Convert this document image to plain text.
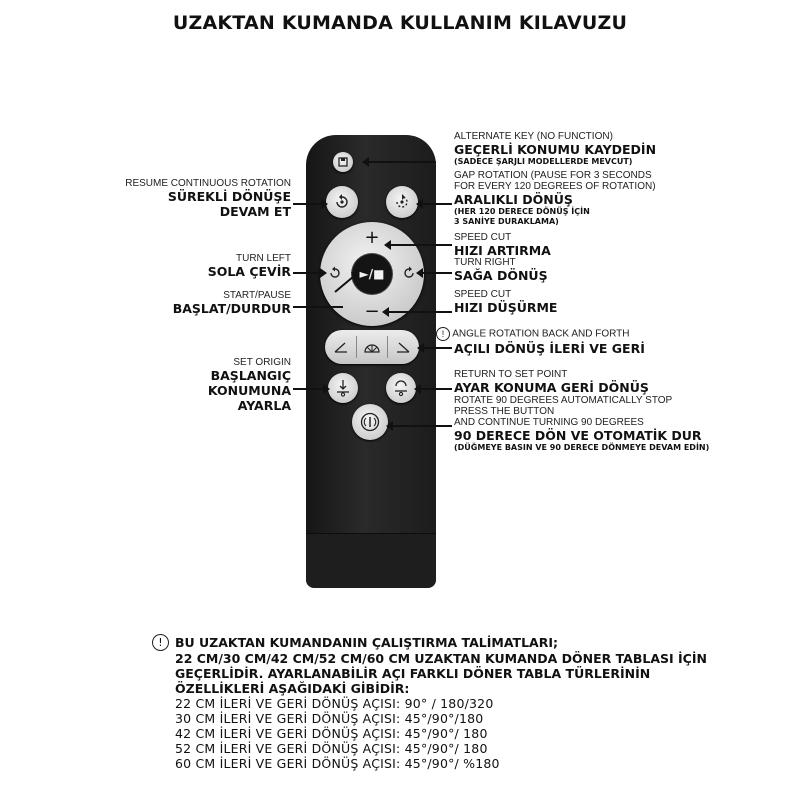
UZAKTAN KUMANDA KULLANIM KILAVUZU
+
−
►/■
ALTERNATE KEY (NO FUNCTION)
GEÇERLİ KONUMU KAYDEDİN
(SADECE ŞARJLI MODELLERDE MEVCUT)
GAP ROTATION (PAUSE FOR 3 SECONDS
FOR EVERY 120 DEGREES OF ROTATION)
ARALIKLI DÖNÜŞ
(HER 120 DERECE DÖNÜŞ İÇİN
3 SANİYE DURAKLAMA)
SPEED CUT
HIZI ARTIRMA
TURN RIGHT
SAĞA DÖNÜŞ
SPEED CUT
HIZI DÜŞÜRME
! ANGLE ROTATION BACK AND FORTH
AÇILI DÖNÜŞ İLERİ VE GERİ
RETURN TO SET POINT
AYAR KONUMA GERİ DÖNÜŞ
ROTATE 90 DEGREES AUTOMATICALLY STOP
PRESS THE BUTTON
AND CONTINUE TURNING 90 DEGREES
90 DERECE DÖN VE OTOMATİK DUR
(DÜĞMEYE BASIN VE 90 DERECE DÖNMEYE DEVAM EDİN)
RESUME CONTINUOUS ROTATION
SÜREKLİ DÖNÜŞE
DEVAM ET
TURN LEFT
SOLA ÇEVİR
START/PAUSE
BAŞLAT/DURDUR
SET ORIGIN
BAŞLANGIÇ
KONUMUNA
AYARLA
! BU UZAKTAN KUMANDANIN ÇALIŞTIRMA TALİMATLARI;
22 CM/30 CM/42 CM/52 CM/60 CM UZAKTAN KUMANDA DÖNER TABLASI İÇİN
GEÇERLİDİR. AYARLANABİLİR AÇI FARKLI DÖNER TABLA TÜRLERİNİN
ÖZELLİKLERİ AŞAĞIDAKİ GİBİDİR:
22 CM İLERİ VE GERİ DÖNÜŞ AÇISI: 90° / 180/320
30 CM İLERİ VE GERİ DÖNÜŞ AÇISI: 45°/90°/180
42 CM İLERİ VE GERİ DÖNÜŞ AÇISI: 45°/90°/ 180
52 CM İLERİ VE GERİ DÖNÜŞ AÇISI: 45°/90°/ 180
60 CM İLERİ VE GERİ DÖNÜŞ AÇISI: 45°/90°/ %180
